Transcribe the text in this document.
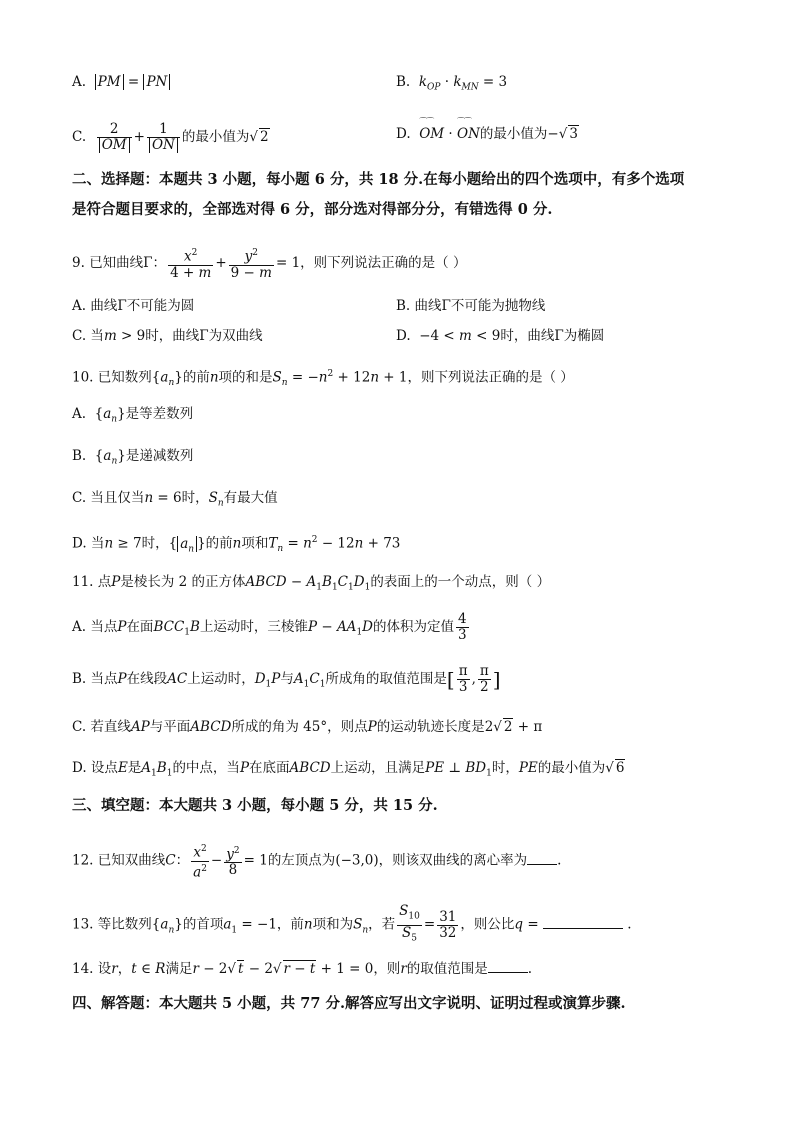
A. PM = PN	B. $k_{OP} \cdot k_{MN} = 3$
C. $\frac{2}{OM} + \frac{1}{ON}$ 的最小值为√ 2	D.  ⌒⌒ OM · ⌒⌒ ON的最小值为−√ 3
二、选择题：本题共 3 小题，每小题 6 分，共 18 分.在每小题给出的四个选项中，有多个选项
是符合题目要求的，全部选对得 6 分，部分选对得部分分，有错选得 0 分.
9. 已知曲线Γ： $\frac{x^2}{4 + m} + \frac{y^2}{9 - m} = 1$，则下列说法正确的是（ ）
A. 曲线Γ不可能为圆	B. 曲线Γ不可能为抛物线
C. 当m > 9时，曲线Γ为双曲线	D.  −4 < m < 9时，曲线Γ为椭圆
10. 已知数列$\{a_n\}$的前n项的和是$S_n = -n^2 + 12n + 1$，则下列说法正确的是（ ）
A.  $\{a_n\}$是等差数列
B.  $\{a_n\}$是递减数列
C. 当且仅当n = 6时，$S_n$有最大值
D. 当n ≥ 7时，{ $a_n$ }的前n项和$T_n = n^2 - 12n + 73$
11. 点P是棱长为 2 的正方体ABCD − $A_1B_1C_1D_1$的表面上的一个动点，则（ ）
A. 当点P在面$BCC_1B$上运动时，三棱锥$P - AA_1D$的体积为定值 $\frac{4}{3}$
B. 当点P在线段AC上运动时，$D_1P$与$A_1C_1$所成角的取值范围是[ $\frac{\pi}{3}$ , $\frac{\pi}{2}$ ]
C. 若直线AP与平面ABCD所成的角为 45°，则点P的运动轨迹长度是2√ 2 + π
D. 设点E是$A_1B_1$的中点，当P在底面ABCD上运动，且满足PE ⊥ $BD_1$时，PE的最小值为√ 6
三、填空题：本大题共 3 小题，每小题 5 分，共 15 分.
12. 已知双曲线C： $\frac{x^2}{a^2} - \frac{y^2}{8} = 1$的左顶点为(−3,0)，则该双曲线的离心率为 .
13. 等比数列$\{a_n\}$的首项$a_1 = -1$，前n项和为$S_n$，若 $\frac{S_{10}}{S_5} = \frac{31}{32}$ ，则公比q =	.
14. 设r，t ∈ R满足r − 2√ t − 2√ r − t + 1 = 0，则r的取值范围是	.
四、解答题：本大题共 5 小题，共 77 分.解答应写出文字说明、证明过程或演算步骤.
